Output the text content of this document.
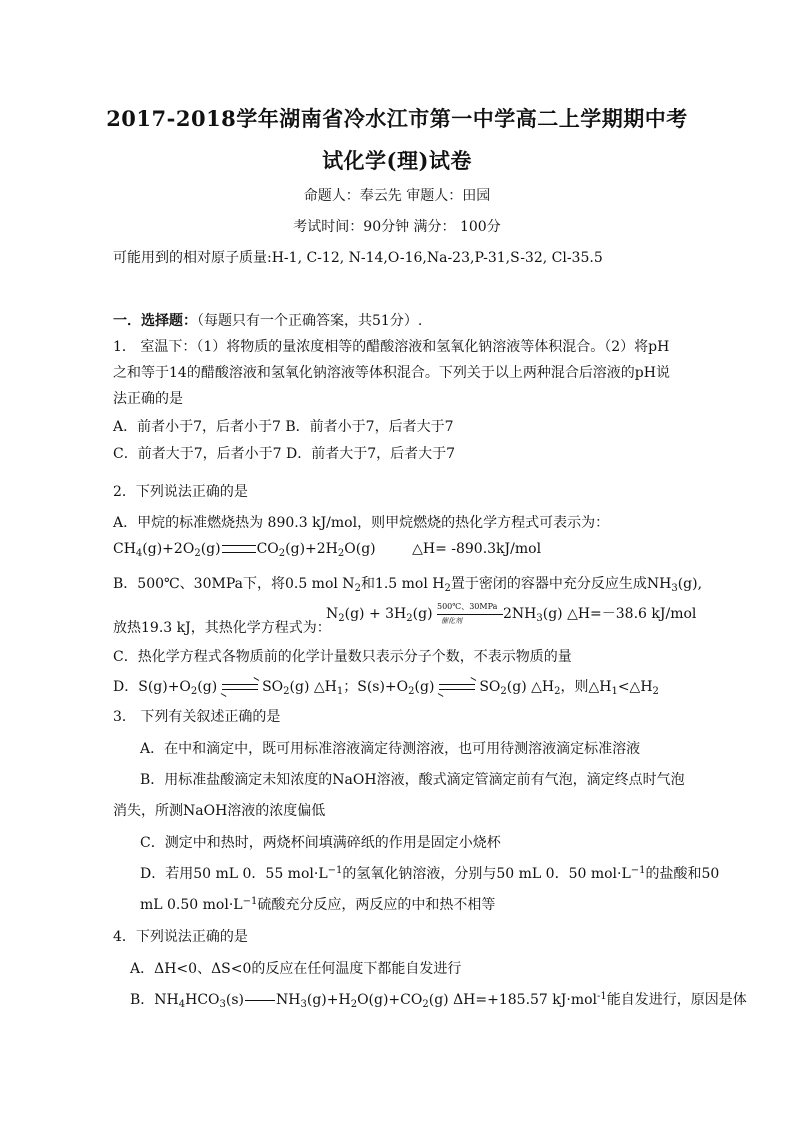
2017-2018学年湖南省冷水江市第一中学高二上学期期中考
试化学(理)试卷
命题人：奉云先 审题人：田园
考试时间：90分钟 满分： 100分
可能用到的相对原子质量:H-1, C-12, N-14,O-16,Na-23,P-31,S-32, Cl-35.5
一．选择题：（每题只有一个正确答案，共51分）.
1． 室温下：（1）将物质的量浓度相等的醋酸溶液和氢氧化钠溶液等体积混合。（2）将pH
之和等于14的醋酸溶液和氢氧化钠溶液等体积混合。下列关于以上两种混合后溶液的pH说
法正确的是
A．前者小于7，后者小于7 B．前者小于7，后者大于7
C．前者大于7，后者小于7 D．前者大于7，后者大于7
2．下列说法正确的是
A．甲烷的标准燃烧热为 890.3 kJ/mol，则甲烷燃烧的热化学方程式可表示为：
$CH_4(g)+2O_2(g)$	$CO_2(g)+2H_2O(g)$	△H= -890.3kJ/mol
B．500℃、30MPa下，将0.5 mol $N_2$和1.5 mol $H_2$置于密闭的容器中充分反应生成$NH_3(g)$,
$N_2(g) + 3H_2(g)$ 500℃、30MPa
催化剂	$2NH_3(g)$ △H=－38.6 kJ/mol
放热19.3 kJ，其热化学方程式为：
C．热化学方程式各物质前的化学计量数只表示分子个数，不表示物质的量
D．$S(g)+O_2(g)$ ⇌ $SO_2(g)$ $\triangle H_1$；$S(s)+O_2(g)$ ⇌ $SO_2(g)$ $\triangle H_2$，则$\triangle H_1<\triangle H_2$
3． 下列有关叙述正确的是
A．在中和滴定中，既可用标准溶液滴定待测溶液，也可用待测溶液滴定标准溶液
B．用标准盐酸滴定未知浓度的NaOH溶液，酸式滴定管滴定前有气泡，滴定终点时气泡
消失，所测NaOH溶液的浓度偏低
C．测定中和热时，两烧杯间填满碎纸的作用是固定小烧杯
D．若用50 mL 0．55 $mol\cdot L^{-1}$的氢氧化钠溶液，分别与50 mL 0．50 $mol\cdot L^{-1}$的盐酸和50
mL 0.50 $mol\cdot L^{-1}$硫酸充分反应，两反应的中和热不相等
4．下列说法正确的是
A．ΔH<0、ΔS<0的反应在任何温度下都能自发进行
B．$NH_4HCO_3(s)$ $NH_3(g)+H_2O(g)+CO_2(g)$ ΔH=+185.57 kJ·mol$^{-1}$能自发进行，原因是体
